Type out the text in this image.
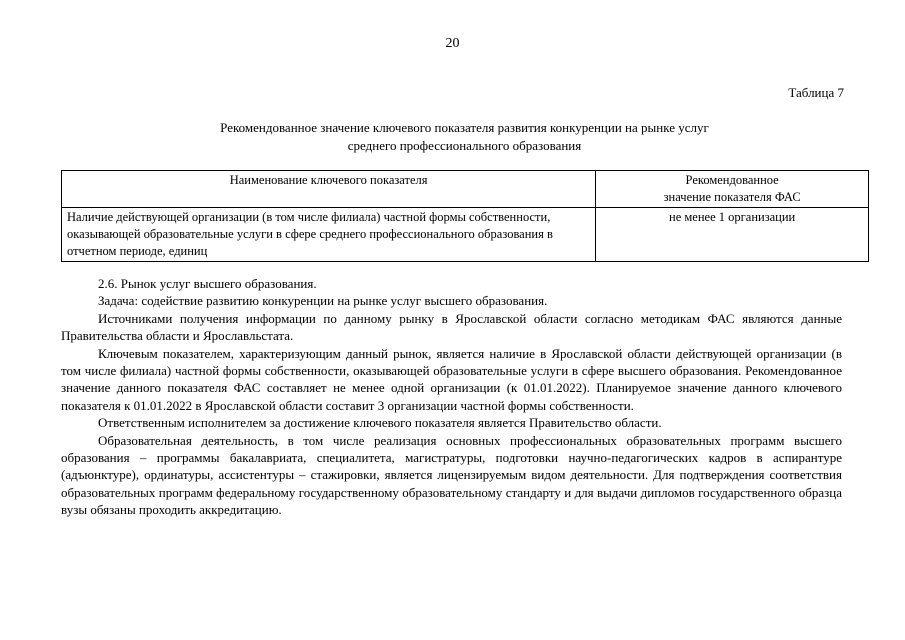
20
Таблица 7
Рекомендованное значение ключевого показателя развития конкуренции на рынке услуг
среднего профессионального образования
Наименование ключевого показателя	Рекомендованное
значение показателя ФАС

Наличие действующей организации (в том числе филиала) частной формы собственности, оказывающей образовательные услуги в сфере среднего профессионального образования в отчетном периоде, единиц	не менее 1 организации

2.6. Рынок услуг высшего образования.

Задача: содействие развитию конкуренции на рынке услуг высшего образования.

Источниками получения информации по данному рынку в Ярославской области согласно методикам ФАС являются данные Правительства области и Ярославльстата.

Ключевым показателем, характеризующим данный рынок, является наличие в Ярославской области действующей организации (в том числе филиала) частной формы собственности, оказывающей образовательные услуги в сфере высшего образования. Рекомендованное значение данного показателя ФАС составляет не менее одной организации (к 01.01.2022). Планируемое значение данного ключевого показателя к 01.01.2022 в Ярославской области составит 3 организации частной формы собственности.

Ответственным исполнителем за достижение ключевого показателя является Правительство области.

Образовательная деятельность, в том числе реализация основных профессиональных образовательных программ высшего образования – программы бакалавриата, специалитета, магистратуры, подготовки научно-педагогических кадров в аспирантуре (адъюнктуре), ординатуры, ассистентуры – стажировки, является лицензируемым видом деятельности. Для подтверждения соответствия образовательных программ федеральному государственному образовательному стандарту и для выдачи дипломов государственного образца вузы обязаны проходить аккредитацию.
